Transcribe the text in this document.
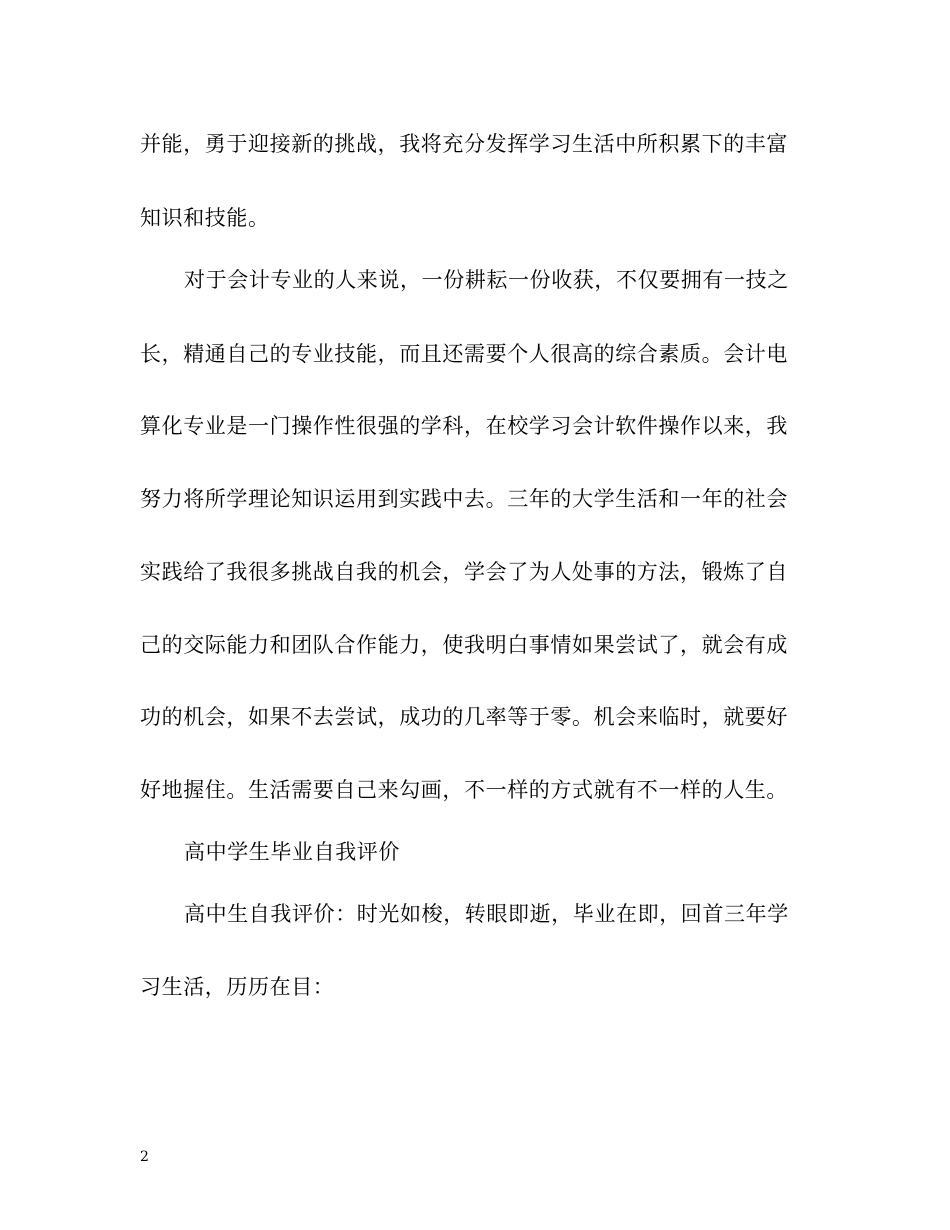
并能，勇于迎接新的挑战，我将充分发挥学习生活中所积累下的丰富
知识和技能。
对于会计专业的人来说，一份耕耘一份收获，不仅要拥有一技之
长，精通自己的专业技能，而且还需要个人很高的综合素质。会计电
算化专业是一门操作性很强的学科，在校学习会计软件操作以来，我
努力将所学理论知识运用到实践中去。三年的大学生活和一年的社会
实践给了我很多挑战自我的机会，学会了为人处事的方法，锻炼了自
己的交际能力和团队合作能力，使我明白事情如果尝试了，就会有成
功的机会，如果不去尝试，成功的几率等于零。机会来临时，就要好
好地握住。生活需要自己来勾画，不一样的方式就有不一样的人生。
高中学生毕业自我评价
高中生自我评价：时光如梭，转眼即逝，毕业在即，回首三年学
习生活，历历在目：
2
